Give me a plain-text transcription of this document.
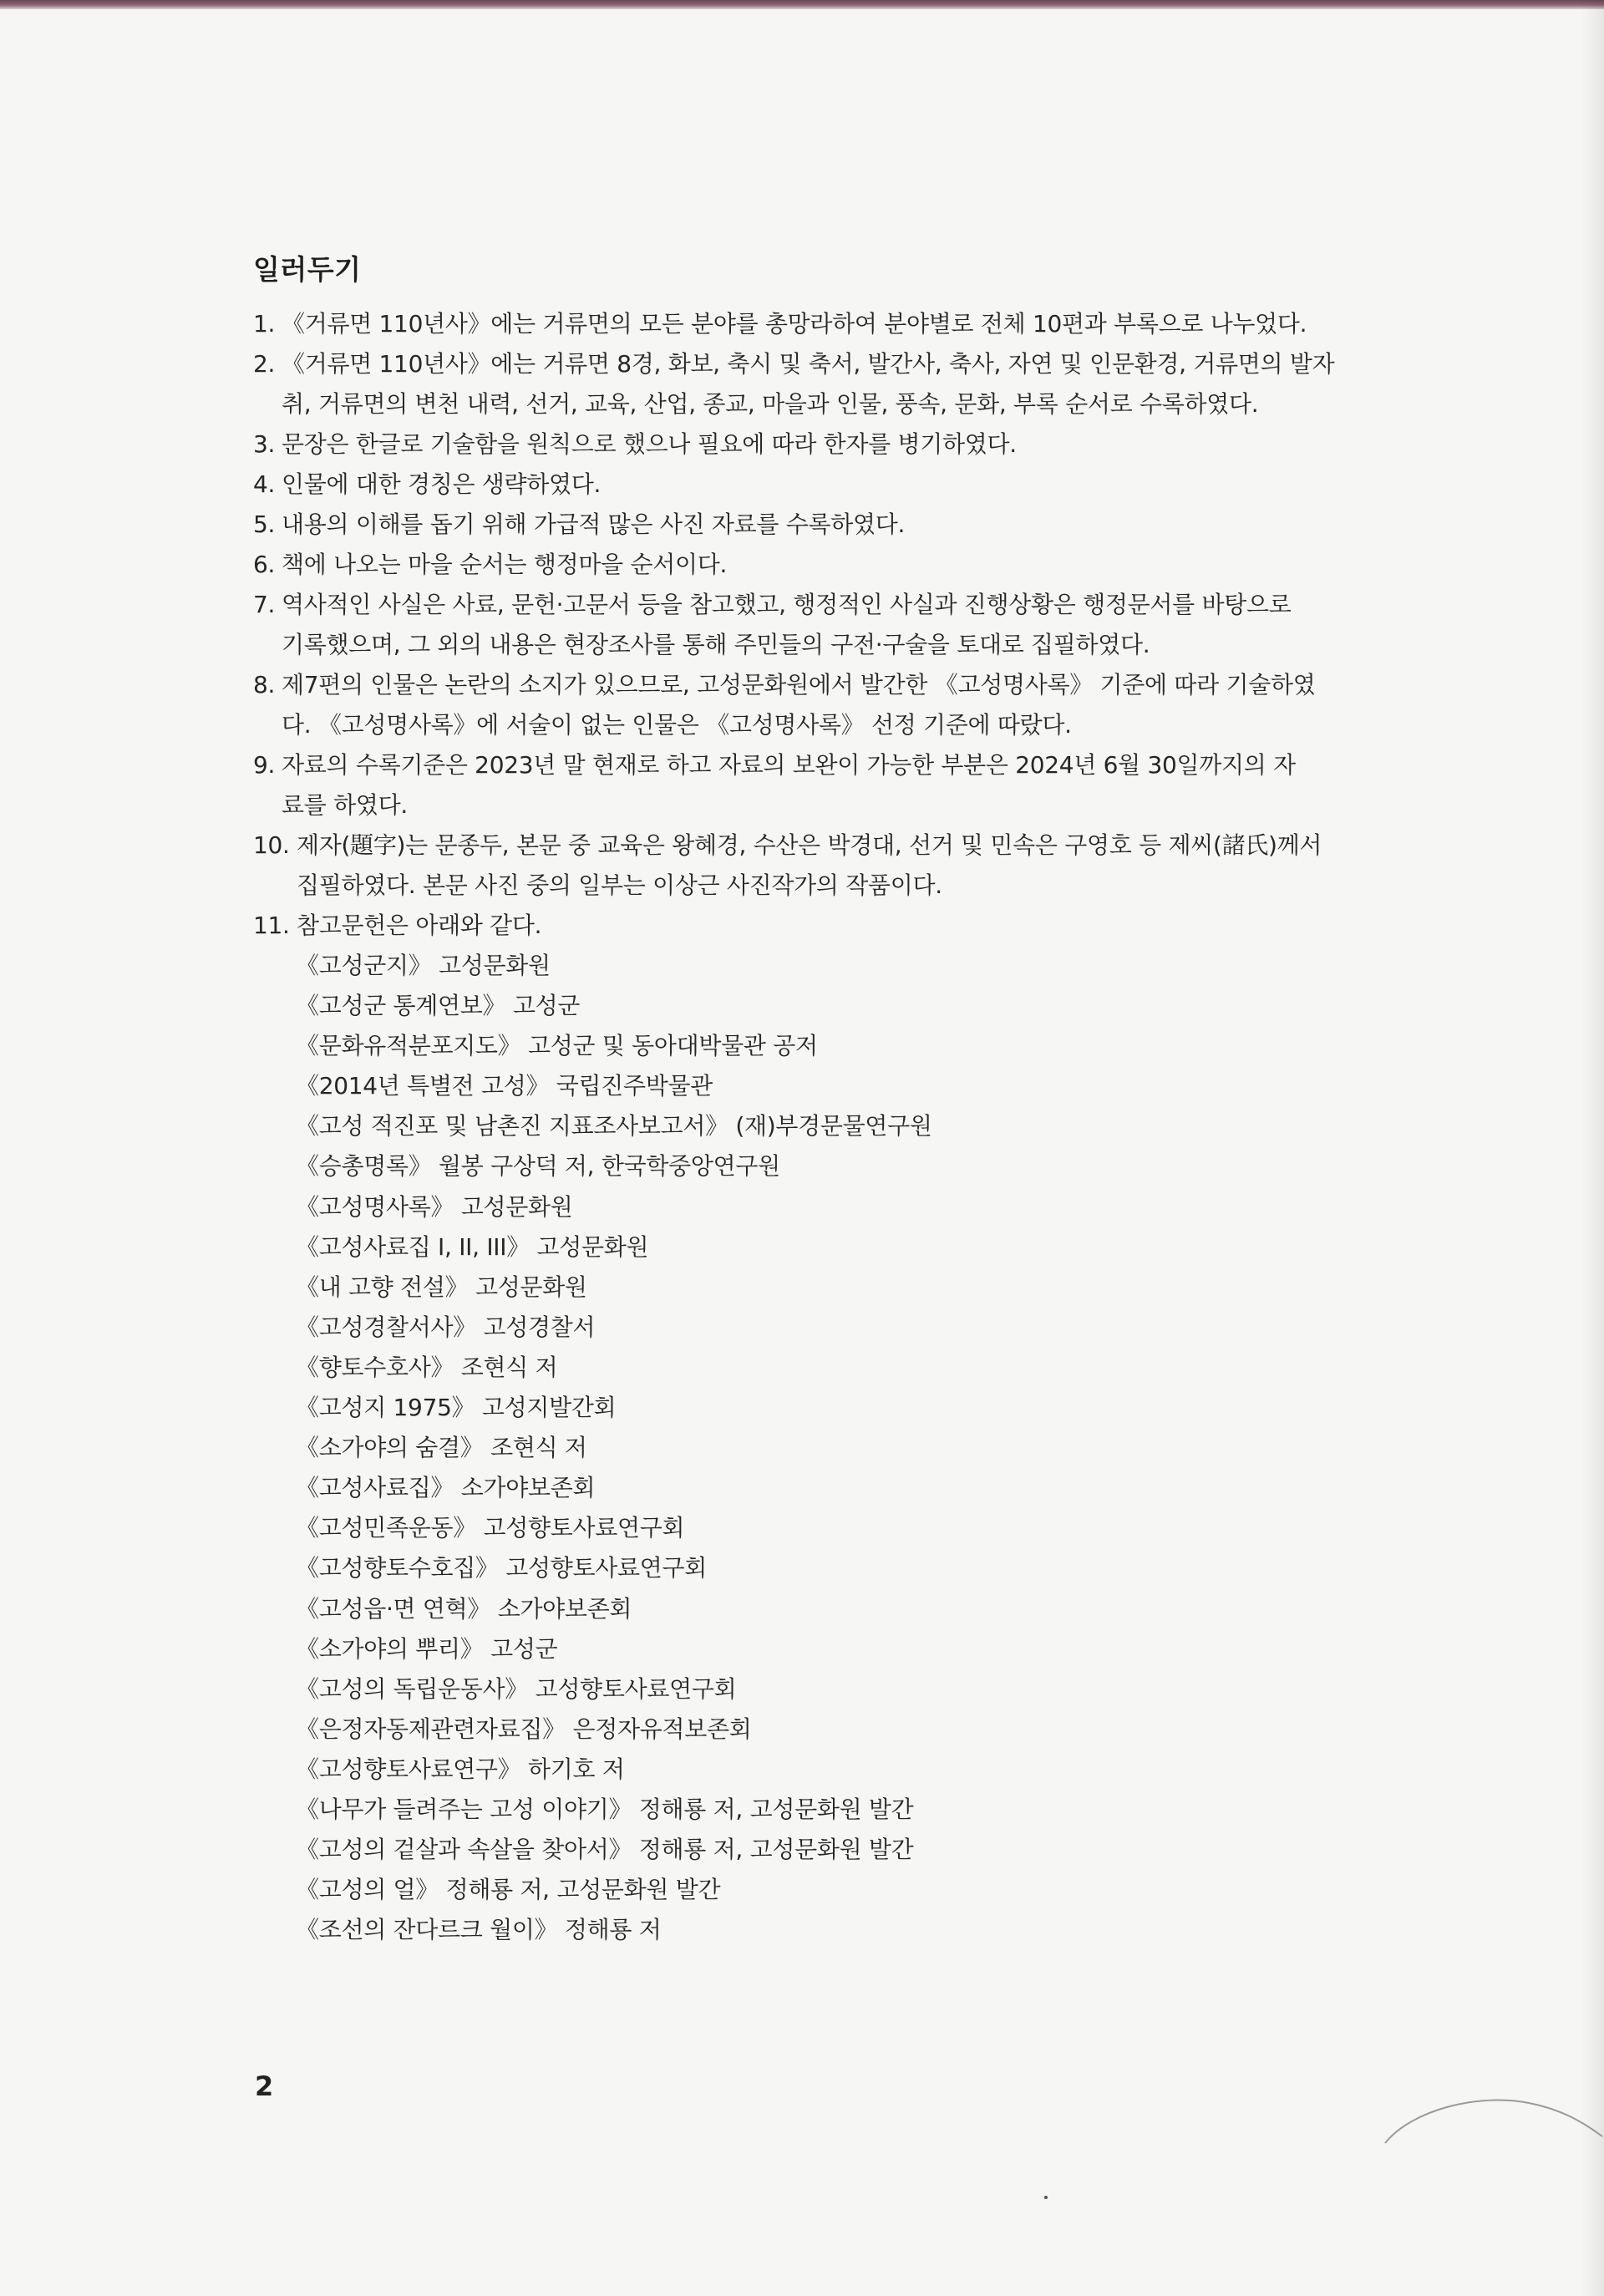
일러두기
1. 《거류면 110년사》에는 거류면의 모든 분야를 총망라하여 분야별로 전체 10편과 부록으로 나누었다.
2. 《거류면 110년사》에는 거류면 8경, 화보, 축시 및 축서, 발간사, 축사, 자연 및 인문환경, 거류면의 발자
취, 거류면의 변천 내력, 선거, 교육, 산업, 종교, 마을과 인물, 풍속, 문화, 부록 순서로 수록하였다.
3. 문장은 한글로 기술함을 원칙으로 했으나 필요에 따라 한자를 병기하였다.
4. 인물에 대한 경칭은 생략하였다.
5. 내용의 이해를 돕기 위해 가급적 많은 사진 자료를 수록하였다.
6. 책에 나오는 마을 순서는 행정마을 순서이다.
7. 역사적인 사실은 사료, 문헌·고문서 등을 참고했고, 행정적인 사실과 진행상황은 행정문서를 바탕으로
기록했으며, 그 외의 내용은 현장조사를 통해 주민들의 구전·구술을 토대로 집필하였다.
8. 제7편의 인물은 논란의 소지가 있으므로, 고성문화원에서 발간한 《고성명사록》 기준에 따라 기술하였
다. 《고성명사록》에 서술이 없는 인물은 《고성명사록》 선정 기준에 따랐다.
9. 자료의 수록기준은 2023년 말 현재로 하고 자료의 보완이 가능한 부분은 2024년 6월 30일까지의 자
료를 하였다.
10. 제자(題字)는 문종두, 본문 중 교육은 왕혜경, 수산은 박경대, 선거 및 민속은 구영호 등 제씨(諸氏)께서
집필하였다. 본문 사진 중의 일부는 이상근 사진작가의 작품이다.
11. 참고문헌은 아래와 같다.
《고성군지》 고성문화원
《고성군 통계연보》 고성군
《문화유적분포지도》 고성군 및 동아대박물관 공저
《2014년 특별전 고성》 국립진주박물관
《고성 적진포 및 남촌진 지표조사보고서》 (재)부경문물연구원
《승총명록》 월봉 구상덕 저, 한국학중앙연구원
《고성명사록》 고성문화원
《고성사료집 I, II, III》 고성문화원
《내 고향 전설》 고성문화원
《고성경찰서사》 고성경찰서
《향토수호사》 조현식 저
《고성지 1975》 고성지발간회
《소가야의 숨결》 조현식 저
《고성사료집》 소가야보존회
《고성민족운동》 고성향토사료연구회
《고성향토수호집》 고성향토사료연구회
《고성읍·면 연혁》 소가야보존회
《소가야의 뿌리》 고성군
《고성의 독립운동사》 고성향토사료연구회
《은정자동제관련자료집》 은정자유적보존회
《고성향토사료연구》 하기호 저
《나무가 들려주는 고성 이야기》 정해룡 저, 고성문화원 발간
《고성의 겉살과 속살을 찾아서》 정해룡 저, 고성문화원 발간
《고성의 얼》 정해룡 저, 고성문화원 발간
《조선의 잔다르크 월이》 정해룡 저
2
